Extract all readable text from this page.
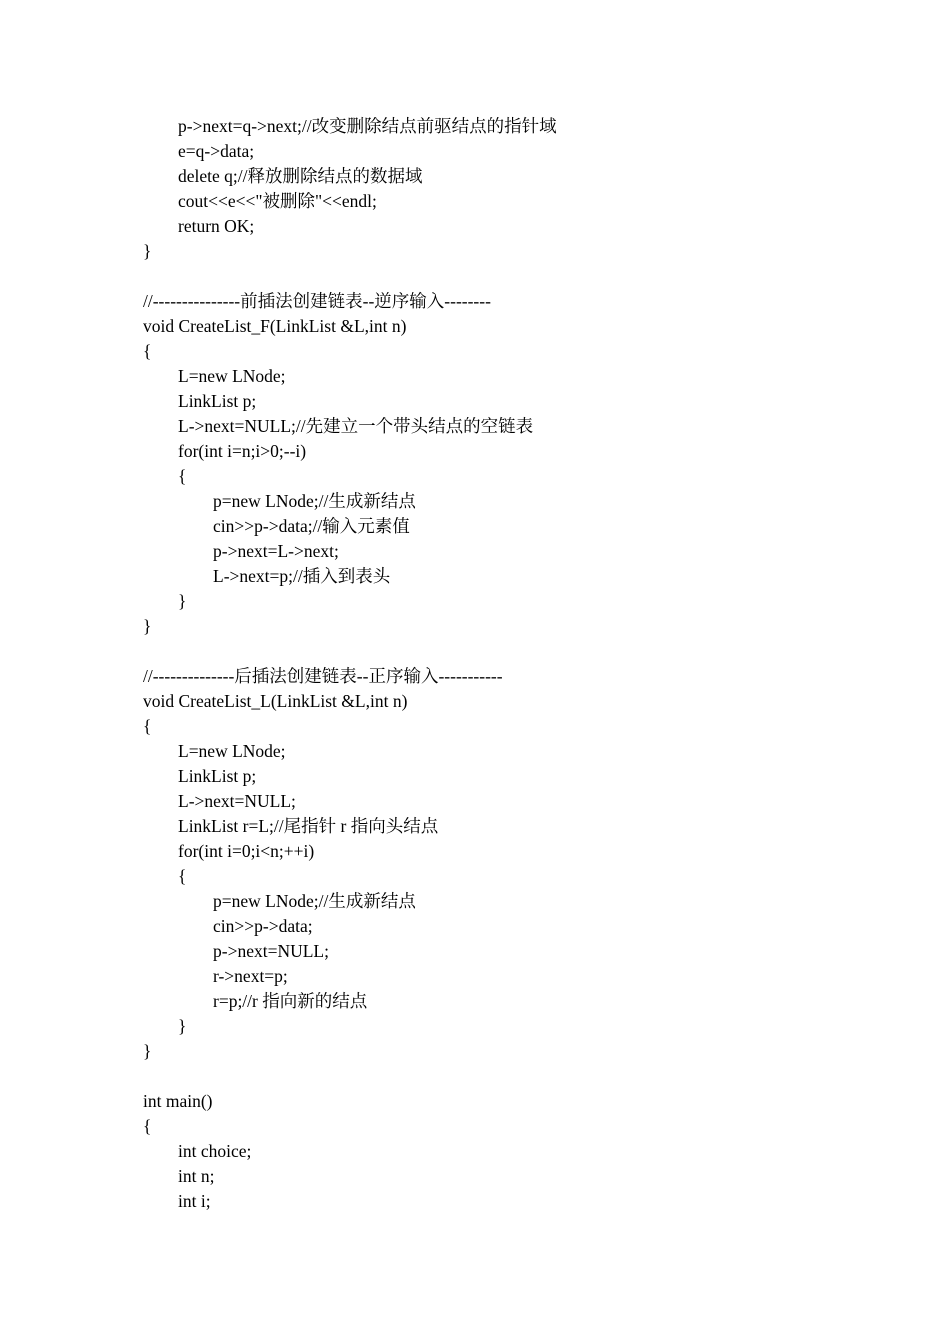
p->next=q->next;//改变删除结点前驱结点的指针域
e=q->data;
delete q;//释放删除结点的数据域
cout<<e<<"被删除"<<endl;
return OK;
}

//---------------前插法创建链表--逆序输入--------
void CreateList_F(LinkList &L,int n)
{
L=new LNode;
LinkList p;
L->next=NULL;//先建立一个带头结点的空链表
for(int i=n;i>0;--i)
{
p=new LNode;//生成新结点
cin>>p->data;//输入元素值
p->next=L->next;
L->next=p;//插入到表头
}
}

//--------------后插法创建链表--正序输入-----------
void CreateList_L(LinkList &L,int n)
{
L=new LNode;
LinkList p;
L->next=NULL;
LinkList r=L;//尾指针 r 指向头结点
for(int i=0;i<n;++i)
{
p=new LNode;//生成新结点
cin>>p->data;
p->next=NULL;
r->next=p;
r=p;//r 指向新的结点
}
}

int main()
{
int choice;
int n;
int i;
